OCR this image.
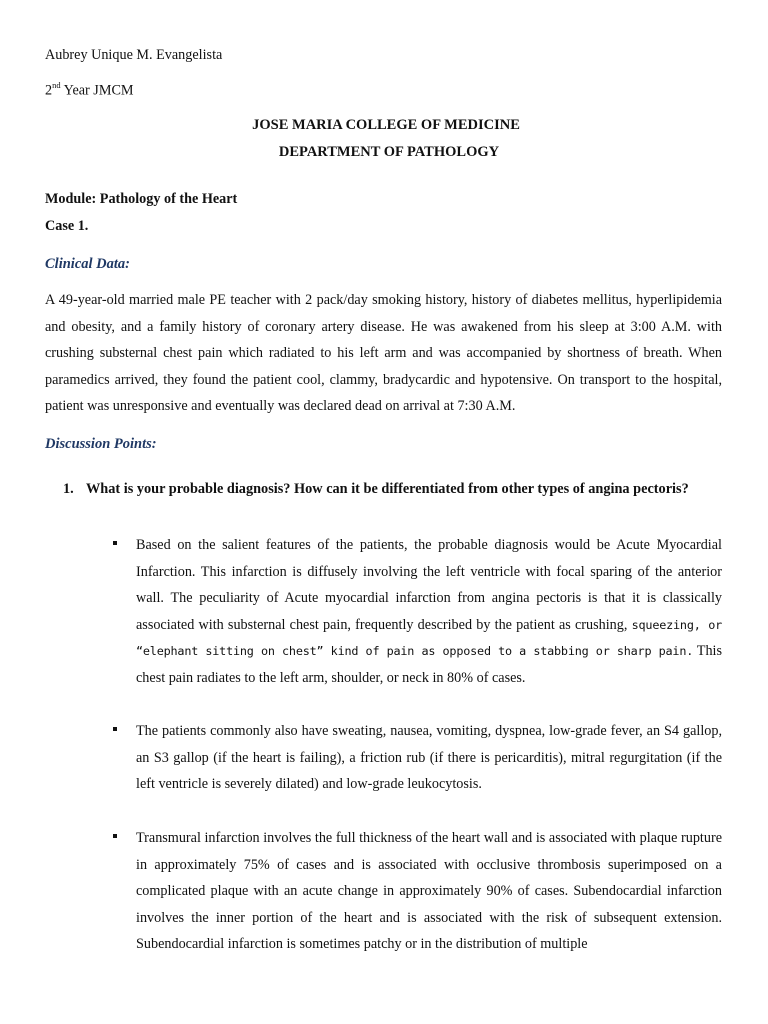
Aubrey Unique M. Evangelista
2nd Year JMCM
JOSE MARIA COLLEGE OF MEDICINE
DEPARTMENT OF PATHOLOGY
Module: Pathology of the Heart
Case 1.
Clinical Data:
A 49-year-old married male PE teacher with 2 pack/day smoking history, history of diabetes mellitus, hyperlipidemia and obesity, and a family history of coronary artery disease. He was awakened from his sleep at 3:00 A.M. with crushing substernal chest pain which radiated to his left arm and was accompanied by shortness of breath. When paramedics arrived, they found the patient cool, clammy, bradycardic and hypotensive. On transport to the hospital, patient was unresponsive and eventually was declared dead on arrival at 7:30 A.M.
Discussion Points:
1. What is your probable diagnosis? How can it be differentiated from other types of angina pectoris?
Based on the salient features of the patients, the probable diagnosis would be Acute Myocardial Infarction. This infarction is diffusely involving the left ventricle with focal sparing of the anterior wall. The peculiarity of Acute myocardial infarction from angina pectoris is that it is classically associated with substernal chest pain, frequently described by the patient as crushing, squeezing, or “elephant sitting on chest” kind of pain as opposed to a stabbing or sharp pain. This chest pain radiates to the left arm, shoulder, or neck in 80% of cases.
The patients commonly also have sweating, nausea, vomiting, dyspnea, low-grade fever, an S4 gallop, an S3 gallop (if the heart is failing), a friction rub (if there is pericarditis), mitral regurgitation (if the left ventricle is severely dilated) and low-grade leukocytosis.
Transmural infarction involves the full thickness of the heart wall and is associated with plaque rupture in approximately 75% of cases and is associated with occlusive thrombosis superimposed on a complicated plaque with an acute change in approximately 90% of cases. Subendocardial infarction involves the inner portion of the heart and is associated with the risk of subsequent extension. Subendocardial infarction is sometimes patchy or in the distribution of multiple
